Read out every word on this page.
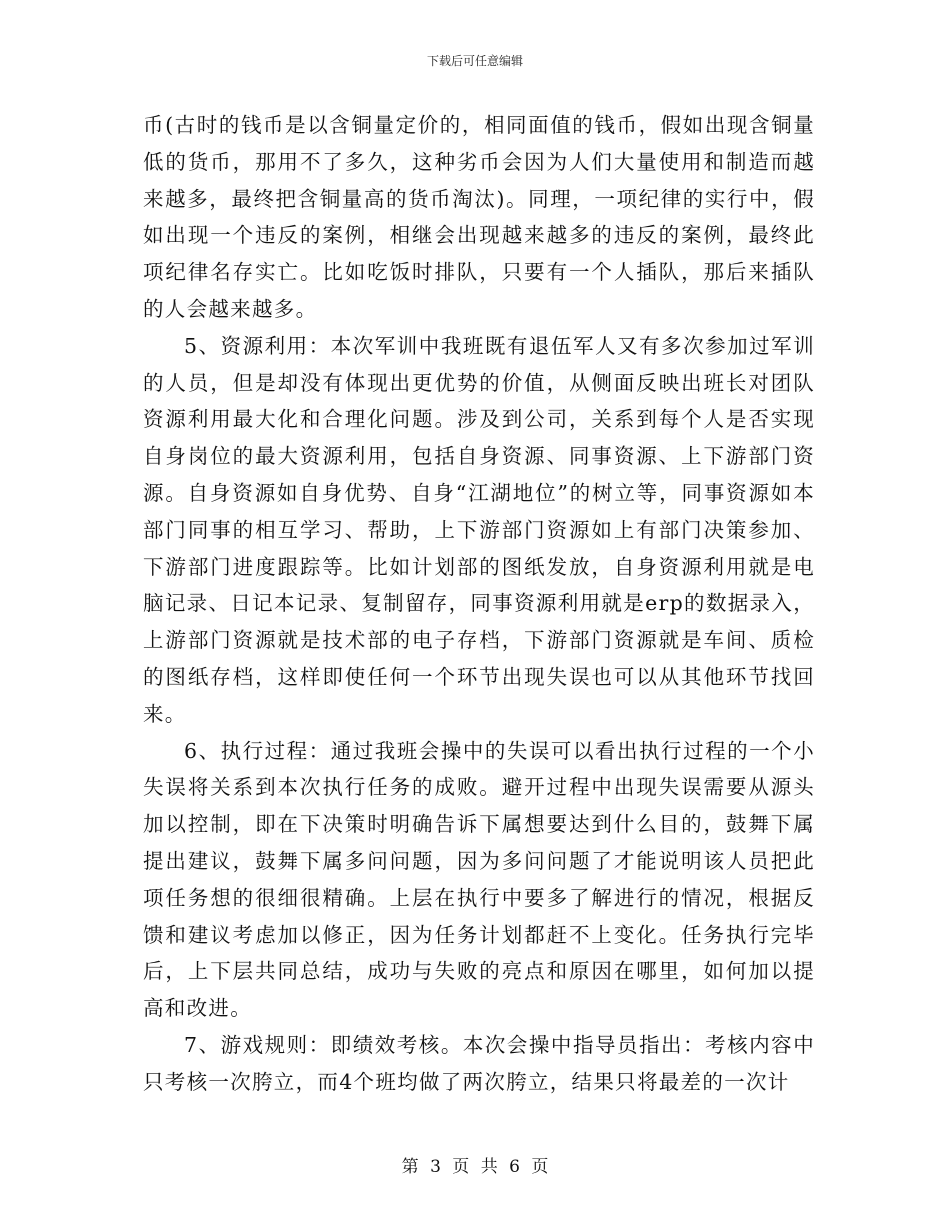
下载后可任意编辑

币(古时的钱币是以含铜量定价的，相同面值的钱币，假如出现含铜量低的货币，那用不了多久，这种劣币会因为人们大量使用和制造而越来越多，最终把含铜量高的货币淘汰)。同理，一项纪律的实行中，假如出现一个违反的案例，相继会出现越来越多的违反的案例，最终此项纪律名存实亡。比如吃饭时排队，只要有一个人插队，那后来插队的人会越来越多。

5、资源利用：本次军训中我班既有退伍军人又有多次参加过军训的人员，但是却没有体现出更优势的价值，从侧面反映出班长对团队资源利用最大化和合理化问题。涉及到公司，关系到每个人是否实现自身岗位的最大资源利用，包括自身资源、同事资源、上下游部门资源。自身资源如自身优势、自身“江湖地位”的树立等，同事资源如本部门同事的相互学习、帮助，上下游部门资源如上有部门决策参加、下游部门进度跟踪等。比如计划部的图纸发放，自身资源利用就是电脑记录、日记本记录、复制留存，同事资源利用就是erp的数据录入，上游部门资源就是技术部的电子存档，下游部门资源就是车间、质检的图纸存档，这样即使任何一个环节出现失误也可以从其他环节找回来。

6、执行过程：通过我班会操中的失误可以看出执行过程的一个小失误将关系到本次执行任务的成败。避开过程中出现失误需要从源头加以控制，即在下决策时明确告诉下属想要达到什么目的，鼓舞下属提出建议，鼓舞下属多问问题，因为多问问题了才能说明该人员把此项任务想的很细很精确。上层在执行中要多了解进行的情况，根据反馈和建议考虑加以修正，因为任务计划都赶不上变化。任务执行完毕后，上下层共同总结，成功与失败的亮点和原因在哪里，如何加以提高和改进。

7、游戏规则：即绩效考核。本次会操中指导员指出：考核内容中只考核一次胯立，而4个班均做了两次胯立，结果只将最差的一次计

第 3 页 共 6 页
